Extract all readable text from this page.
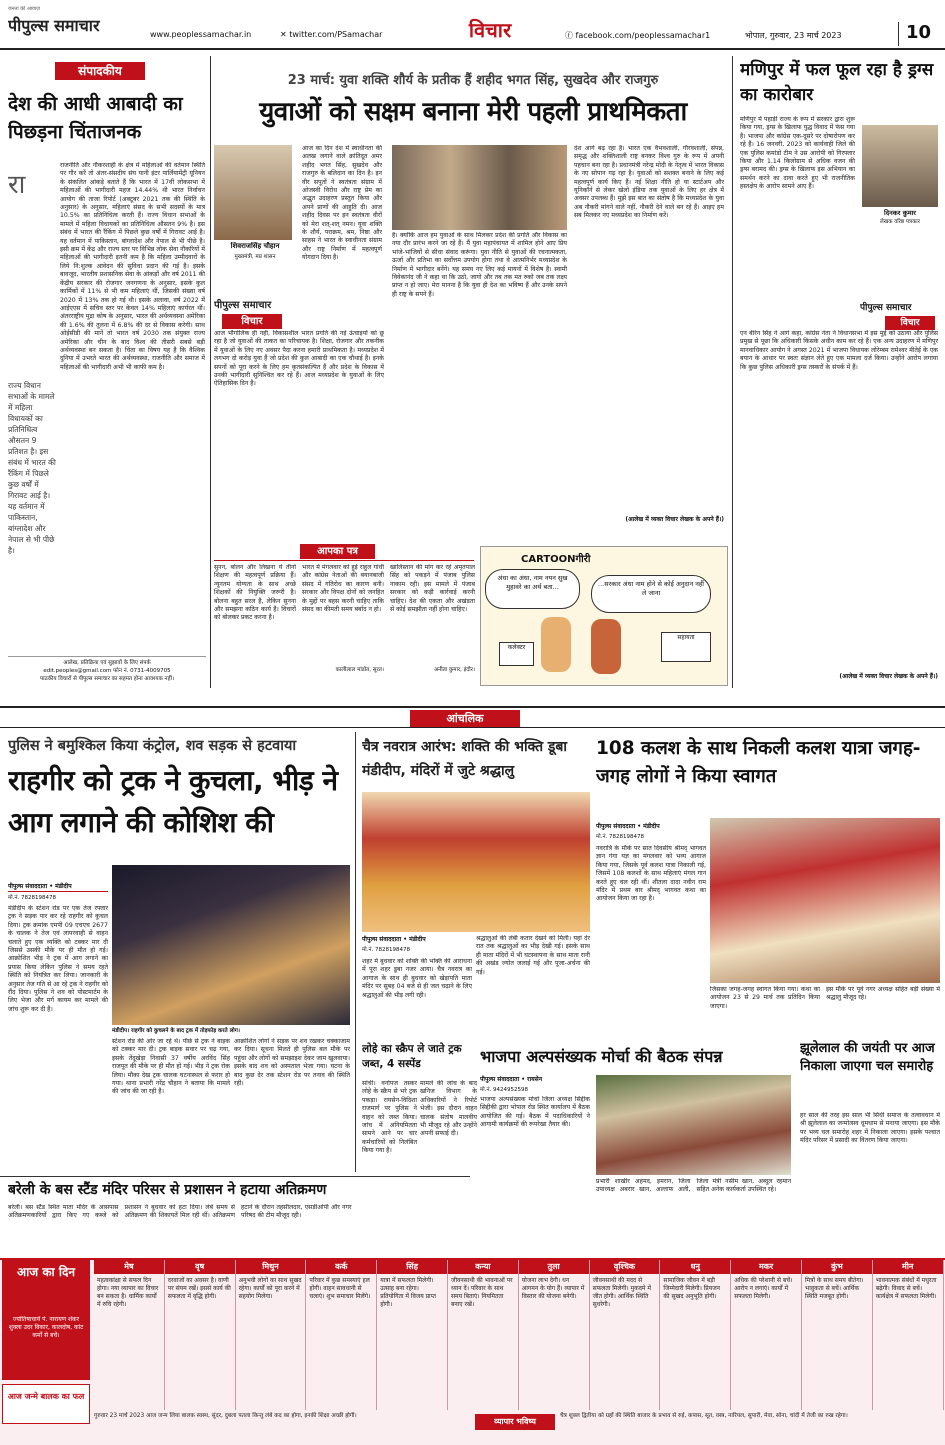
जनता की आवाज़
पीपुल्स समाचार	www.peoplessamachar.in	✕ twitter.com/PSamachar	विचार	ⓕ facebook.com/peoplessamachar1	भोपाल, गुरुवार, 23 मार्च 2023	10
संपादकीय
देश की आधी आबादी का पिछड़ना चिंताजनक
राजनीति और नौकरशाही के क्षेत्र में महिलाओं की वर्तमान स्थिति पर गौर करें तो अंतर-संसदीय संघ यानी इंटर पार्लियामेंट्री यूनियन के संकलित आंकड़े बताते हैं कि भारत में 17वीं लोकसभा में महिलाओं की भागीदारी महज 14.44% थी भारत निर्वाचन आयोग की ताजा रिपोर्ट (अक्टूबर 2021 तक की स्थिति के अनुसार) के अनुसार, महिलाएं संसद के सभी सदस्यों के मात्र 10.5% का प्रतिनिधित्व करती हैं। राज्य विधान सभाओं के मामले में महिला विधायकों का प्रतिनिधित्व औसतन 9% है। इस संबंध में भारत की रैंकिंग में पिछले कुछ वर्षों में गिरावट आई है। यह वर्तमान में पाकिस्तान, बांग्लादेश और नेपाल से भी पीछे है। इसी क्रम में केंद्र और राज्य स्तर पर विभिन्न लोक सेवा नौकरियों में महिलाओं की भागीदारी इतनी कम है कि महिला उम्मीदवारों के लिये नि:शुल्क आवेदन की सुविधा प्रदान की गई है। इसके बावजूद, भारतीय प्रशासनिक सेवा के आंकड़ों और वर्ष 2011 की केंद्रीय सरकार की रोजगार जनगणना के अनुसार, इसके कुल कार्मिकों में 11% से भी कम महिलाएं थीं, जिसकी संख्या वर्ष 2020 में 13% तक हो गई थी। इसके अलावा, वर्ष 2022 में आईएएस में सचिव स्तर पर केवल 14% महिलाएं कार्यरत थीं। अंतरराष्ट्रीय मुद्रा कोष के अनुसार, भारत की अर्थव्यवस्था अमेरिका की 1.6% की तुलना में 6.8% की दर से विकास करेगी। साथ ओईसीडी की मानें तो भारत वर्ष 2030 तक संयुक्त राज्य अमेरिका और चीन के बाद विश्व की तीसरी सबसे बड़ी अर्थव्यवस्था बन सकता है। चिंता का विषय यह है कि वैश्विक दुनिया में उभरते भारत की अर्थव्यवस्था, राजनीति और समाज में महिलाओं की भागीदारी अभी भी काफी कम है।
रा
राज्य विधान सभाओं के मामले में महिला विधायकों का प्रतिनिधित्व औसतन 9 प्रतिशत है। इस संबंध में भारत की रैंकिंग में पिछले कुछ वर्षों में गिरावट आई है। यह वर्तमान में पाकिस्तान, बांग्लादेश और नेपाल से भी पीछे है।
आलेख, प्रतिक्रिया एवं सुझावों के लिए संपर्क
edit.peoples@gmail.com फोन नं. 0731-4009705
पाठकीय विचारों से पीपुल्स समाचार का सहमत होना आवश्यक नहीं।
23 मार्च: युवा शक्ति शौर्य के प्रतीक हैं शहीद भगत सिंह, सुखदेव और राजगुरु
युवाओं को सक्षम बनाना मेरी पहली प्राथमिकता
शिवराजसिंह चौहान
मुख्यमंत्री, मप्र शासन
आज का दिन देश में स्वाधीनता की अलख जगाने वाले क्रांतिदूत अमर शहीद भगत सिंह, सुखदेव और राजगुरु के बलिदान का दिन है। इन वीर सपूतों ने स्वतंत्रता संग्राम में ओजस्वी विरोध और राष्ट्र प्रेम का अद्भुत उदाहरण प्रस्तुत किया और अपने प्राणों की आहुति दी। आज शहीद दिवस पर इन स्वतंत्रता वीरों को मेरा शत्-शत् नमन। युवा शक्ति के शौर्य, पराक्रम, श्रम, निष्ठा और साहस ने भारत के स्वाधीनता संग्राम और राष्ट्र निर्माण में महत्वपूर्ण योगदान दिया है।
पीपुल्स समाचार
विचार
आज भौगोलिक ही नहीं, विकासशील भारत प्रगति की नई ऊंचाइयों को छू रहा है जो युवाओं की ताकत का परिचायक है। शिक्षा, रोजगार और तकनीक में युवाओं के लिए नए अवसर पैदा करना हमारी प्राथमिकता है। मध्यप्रदेश में लगभग दो करोड़ युवा हैं जो प्रदेश की कुल आबादी का एक चौथाई है। इनके सपनों को पूरा करने के लिए हम कृतसंकल्पित हैं और प्रदेश के विकास में उनकी भागीदारी सुनिश्चित कर रहे हैं। आज मध्यप्रदेश के युवाओं के लिए ऐतिहासिक दिन है।
है। क्योंकि आज हम युवाओं के साथ मिलकर प्रदेश की प्रगति और विकास का नया दौर प्रारंभ करने जा रहे हैं। मैं युवा महापंचायत में शामिल होने आए प्रिय भांजे-भांजियों से सीधा संवाद करूंगा। युवा नीति से युवाओं की रचनात्मकता, ऊर्जा और प्रतिभा का सर्वोत्तम उपयोग होगा तथा वे आत्मनिर्भर मध्यप्रदेश के निर्माण में भागीदार बनेंगे। यह समय नए लिए कई मायनों में विशेष है। स्वामी विवेकानंद जी ने कहा था कि उठो, जागो और तब तक मत रुको जब तक लक्ष्य प्राप्त न हो जाए। मेरा मानना है कि युवा ही देश का भविष्य हैं और उनके सपने ही राष्ट्र के सपने हैं।
देश आगे बढ़ रहा है। भारत एक वैभवशाली, गौरवशाली, संपन्न, समृद्ध और शक्तिशाली राष्ट्र बनकर विश्व गुरु के रूप में अपनी पहचान बना रहा है। प्रधानमंत्री नरेन्द्र मोदी के नेतृत्व में भारत विकास के नए सोपान गढ़ रहा है। युवाओं को सशक्त बनाने के लिए कई महत्वपूर्ण कार्य किए हैं। नई शिक्षा नीति हो या स्टार्टअप और यूनिकॉर्न से लेकर खेलो इंडिया तक युवाओं के लिए हर क्षेत्र में अवसर उपलब्ध हैं। मुझे इस बात का संतोष है कि मध्यप्रदेश के युवा अब नौकरी मांगने वाले नहीं, नौकरी देने वाले बन रहे हैं। आइए हम सब मिलकर नए मध्यप्रदेश का निर्माण करें।
(आलेख में व्यक्त विचार लेखक के अपने हैं।)
आपका पत्र
सुनन, बोलन और लिखना ये तीनों शिक्षण की महत्वपूर्ण प्रक्रिया हैं। न्यूनतम योग्यता के साथ अच्छे शिक्षकों की नियुक्ति जरूरी है। बोलना बहुत सरल है, लेकिन सुनना और समझना कठिन कार्य है। विचारों को बोलकर प्रकट करना है।
भारत में मंगलवार को हुई राहुल गांधी और कांग्रेस नेताओं की बयानबाजी संसद में गतिरोध का कारण बनी। सरकार और विपक्ष दोनों को जनहित के मुद्दों पर बहस करनी चाहिए ताकि संसद का कीमती समय बर्बाद न हो।
कालीलाल मांडोत, सूरत।
खालिस्तान की मांग कर रहे अमृतपाल सिंह को पकड़ने में पंजाब पुलिस नाकाम रही। इस मामले में पंजाब सरकार को कड़ी कार्रवाई करनी चाहिए। देश की एकता और अखंडता से कोई समझौता नहीं होना चाहिए।
अनीता कुमार, इंदौर।
CARTOONगीरी
अंधा का अंधा, नाम नयन सुख मुहावरे का अर्थ बता...	...सरकार अंधा नाम होने से कोई अनुदान नहीं ले जाना
कलेक्टर
सहायता
मणिपुर में फल फूल रहा है ड्रग्स का कारोबार
मणिपुर में पहाड़ी राज्य के रूप में सरकार द्वारा शुरू किया गया, ड्रग्स के खिलाफ युद्ध विवाद में फंस गया है। भाजपा और कांग्रेस एक-दूसरे पर दोषारोपण कर रहे हैं। 16 जनवरी, 2023 को कार्यवाही जिले की एक पुलिस कमांडो टीम ने उस आरोपी को गिरफ्तार किया और 1.14 किलोग्राम से अधिक वजन की ड्रग्स बरामद की। ड्रग्स के खिलाफ इस अभियान का समर्थन करने का दावा करते हुए भी राजनीतिक हस्तक्षेप के आरोप सामने आए हैं।
दिनकर कुमार
लेखक वरिष्ठ पत्रकार
पीपुल्स समाचार
विचार
एन बीरेन सिंह ने आगे कहा, कांग्रेस नेता ने विधानसभा में इस मुद्दे को उठाया और पुलिस प्रमुख से पूछा कि अधिकारी किसके अधीन काम कर रहे हैं। एक अन्य उदाहरण में मणिपुर मानवाधिकार आयोग ने अगस्त 2021 में भाजपा विधायक लोरेम्बम रामेश्वर मीतेई के एक बयान के आधार पर स्वतः संज्ञान लेते हुए एक मामला दर्ज किया। उन्होंने आरोप लगाया कि कुछ पुलिस अधिकारी ड्रग्स तस्करों के संपर्क में हैं।
(आलेख में व्यक्त विचार लेखक के अपने हैं।)
आंचलिक
पुलिस ने बमुश्किल किया कंट्रोल, शव सड़क से हटवाया
राहगीर को ट्रक ने कुचला, भीड़ ने आग लगाने की कोशिश की
पीपुल्स संवाददाता • मंडीदीप
मो.नं. 7828198478
मंडीदीप के स्टेशन रोड पर एक तेज रफ्तार ट्रक ने सड़क पार कर रहे राहगीर को कुचल दिया। ट्रक क्रमांक एमपी 09 एचएच 2677 के चालक ने तेज एवं लापरवाही से वाहन चलाते हुए एक व्यक्ति को टक्कर मार दी जिससे उसकी मौके पर ही मौत हो गई। आक्रोशित भीड़ ने ट्रक में आग लगाने का प्रयास किया लेकिन पुलिस ने समय रहते स्थिति को नियंत्रित कर लिया। जानकारी के अनुसार तेज गति से आ रहे ट्रक ने राहगीर को रौंद दिया। पुलिस ने शव को पोस्टमार्टम के लिए भेजा और मर्ग कायम कर मामले की जांच शुरू कर दी है।
मंडीदीप। राहगीर को कुचलने के बाद ट्रक में तोड़फोड़ करते लोग।
स्टेशन रोड की ओर जा रहे थे। पीछे से ट्रक ने बाइक को टक्कर मार दी। ट्रक बाइक सवार पर चढ़ गया, इसके तेंदूखेड़ा निवासी 37 वर्षीय अरविंद सिंह राजपूत की मौके पर ही मौत हो गई। भीड़ ने ट्रक रोक लिया। मौका देख ट्रक चालक घटनास्थल से फरार हो गया। थाना प्रभारी नरेंद्र चौहान ने बताया कि मामले की जांच की जा रही है।
आक्रोशित लोगों ने सड़क पर शव रखकर चक्काजाम कर दिया। सूचना मिलते ही पुलिस बल मौके पर पहुंचा और लोगों को समझाइश देकर जाम खुलवाया। इसके बाद शव को अस्पताल भेजा गया। घटना के बाद कुछ देर तक स्टेशन रोड पर तनाव की स्थिति रही।
बरेली के बस स्टैंड मंदिर परिसर से प्रशासन ने हटाया अतिक्रमण
बरेली। बस स्टैंड स्थित माता मंदिर के आसपास अतिक्रमणकारियों द्वारा किए गए कब्जे को प्रशासन ने बुधवार को हटा दिया। लंबे समय से अतिक्रमण की शिकायतें मिल रही थीं। अतिक्रमण हटाने के दौरान तहसीलदार, एसडीओपी और नगर परिषद की टीम मौजूद रही।
चैत्र नवरात्र आरंभ: शक्ति की भक्ति डूबा मंडीदीप, मंदिरों में जुटे श्रद्धालु
पीपुल्स संवाददाता • मंडीदीप
मो.नं. 7828198478
श्रद्धालुओं की लंबी कतार देखने को मिली। यहां देर रात तक श्रद्धालुओं का भीड़ देखी गई। इसके साथ ही माता मंदिरों में भी घटस्थापना के साथ माता रानी की अखंड ज्योत जलाई गई और पूजा-अर्चना की गई।
शहर में बुधवार को शक्ति की भक्ति की आराधना में पूरा शहर डूबा नजर आया। चैत्र नवरात्र का आगाज के साथ ही बुधवार को खेड़ापति माता मंदिर पर सुबह 04 बजे से ही जल चढ़ाने के लिए श्रद्धालुओं की भीड़ लगी रही।
लोहे का स्क्रैप ले जाते ट्रक जब्त, 4 सस्पेंड
सांची। वनोपज तस्कर लोहे के स्क्रैप से भरे ट्रक पकड़ा। रायसेन-विदिशा राजमार्ग पर पुलिस ने वाहन को जब्त किया। जांच में अनियमितता सामने आने पर चार कर्मचारियों को निलंबित किया गया है।
मामले की जांच के बाद खनिज विभाग के अधिकारियों ने रिपोर्ट भेजी। इस दौरान वाहन चालक संतोष मालवीय भी मौजूद रहे और उन्होंने अपनी सफाई दी।
भाजपा अल्पसंख्यक मोर्चा की बैठक संपन्न
पीपुल्स संवाददाता • रायसेन
मो.नं. 9424952598
भाजपा अल्पसंख्यक मोर्चा जिला अध्यक्ष सिद्दीक सिद्दीकी द्वारा भोपाल रोड स्थित कार्यालय में बैठक आयोजित की गई। बैठक में पदाधिकारियों ने आगामी कार्यक्रमों की रूपरेखा तैयार की।
प्रभारी शाखीर अहमद, इमरान, जिला उपाध्यक्ष अबरार खान, अल्ताफ अली, जिला मंत्री नसीम खान, अब्दुल रहमान सहित अनेक कार्यकर्ता उपस्थित रहे।
108 कलश के साथ निकली कलश यात्रा जगह-जगह लोगों ने किया स्वागत
पीपुल्स संवाददाता • मंडीदीप
मो.नं. 7828198478
नवरात्रि के मौके पर सात दिवसीय श्रीमद् भागवत ज्ञान गंगा यज्ञ का मंगलवार को भव्य आगाज किया गया, जिसके पूर्व कलश यात्रा निकाली गई, जिसमें 108 कलशों के साथ महिलाएं मंगल गान करते हुए चल रही थीं। शीतला दादा नवीन राम मंदिर में प्रथम बार श्रीमद् भागवत कथा का आयोजन किया जा रहा है।
जिसका जगह-जगह स्वागत किया गया। कथा का आयोजन 23 से 29 मार्च तक प्रतिदिन किया जाएगा।
इस मौके पर पूर्व नगर अध्यक्ष सहित बड़ी संख्या में श्रद्धालु मौजूद रहे।
झूलेलाल की जयंती पर आज निकाला जाएगा चल समारोह
हर साल की तरह इस साल भी सिंधी समाज के तत्वावधान में श्री झूलेलाल का जन्मोत्सव धूमधाम से मनाया जाएगा। इस मौके पर भव्य चल समारोह शहर में निकाला जाएगा। इसके पश्चात मंदिर परिसर में प्रसादी का वितरण किया जाएगा।
आज का दिन
ज्योतिषाचार्य पं. नारायण शंकर शुक्ला उदर विकार, कालदोष, कांट कर्मों से बचें।
आज जन्मे बालक का फल
मेष
महत्वकांक्षा से सफल दिन होगा। नया व्यापार का विचार बन सकता है। धार्मिक कार्यों में रुचि रहेगी।
वृष
दरवाजों का अवसर है। वाणी पर संयम रखें। इससे कार्य की सफलता में वृद्धि होगी।
मिथुन
अनुभवी लोगों का साथ सुखद रहेगा। कार्यों को पूरा करने में सहयोग मिलेगा।
कर्क
परिवार में कुछ समस्याएं हल होंगी। वाहन सावधानी से चलाएं। शुभ समाचार मिलेंगे।
सिंह
यात्रा में सफलता मिलेगी। उत्साह बना रहेगा। प्रतियोगिता में विजय प्राप्त होगी।
कन्या
जीवनसाथी की भावनाओं पर ध्यान दें। परिवार के साथ समय बिताएं। नियमितता बनाए रखें।
तुला
योजना लाभ देगी। धन आगमन के योग हैं। व्यापार में विस्तार की योजना बनेगी।
वृश्चिक
जीवनसाथी की मदद से सफलता मिलेगी। मुकदमे में जीत होगी। आर्थिक स्थिति सुधरेगी।
धनु
सामाजिक जीवन में बड़ी जिम्मेदारी मिलेगी। प्रियजन की सुखद अनुभूति होगी।
मकर
अधिक की परेशानी से बचें। आरोप न लगाएं। कार्यों में सफलता मिलेगी।
कुंभ
मित्रों के साथ समय बीतेगा। भावुकता से बचें। आर्थिक स्थिति मजबूत होगी।
मीन
भावनात्मक संबंधों में मधुरता बढ़ेगी। विवाद से बचें। कार्यक्षेत्र में सफलता मिलेगी।
गुरुवार 23 मार्च 2023 आज जन्म लिया बालक स्वस्थ, सुंदर, दुबला पतला किन्तु लंबे कद का होगा, इनकी शिक्षा अच्छी होगी।
व्यापार भविष्य
चैत्र शुक्ल द्वितीया को ग्रहों की स्थिति बाजार के प्रभाव से रुई, कपास, सूत, वस्त्र, नारियल, सुपारी, मेवा, सोना, चांदी में तेजी का रुख रहेगा।
